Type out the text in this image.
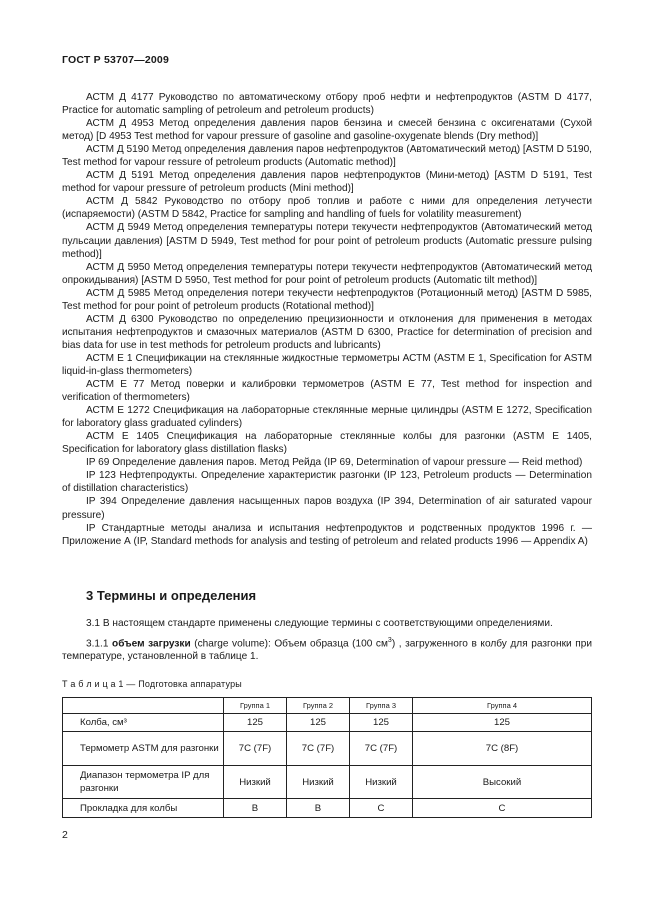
ГОСТ Р 53707—2009

АСТМ Д 4177 Руководство по автоматическому отбору проб нефти и нефтепродуктов (ASTM D 4177, Practice for automatic sampling of petroleum and petroleum products)

АСТМ Д 4953 Метод определения давления паров бензина и смесей бензина с оксигенатами (Сухой метод) [D 4953 Test method for vapour pressure of gasoline and gasoline-oxygenate blends (Dry method)]

АСТМ Д 5190 Метод определения давления паров нефтепродуктов (Автоматический метод) [ASTM D 5190, Test method for vapour ressure of petroleum products (Automatic method)]

АСТМ Д 5191 Метод определения давления паров нефтепродуктов (Мини-метод) [ASTM D 5191, Test method for vapour pressure of petroleum products (Mini method)]

АСТМ Д 5842 Руководство по отбору проб топлив и работе с ними для определения летучести (испаряемости) (ASTM D 5842, Practice for sampling and handling of fuels for volatility measurement)

АСТМ Д 5949 Метод определения температуры потери текучести нефтепродуктов (Автоматический метод пульсации давления) [ASTM D 5949, Test method for pour point of petroleum products (Automatic pressure pulsing method)]

АСТМ Д 5950 Метод определения температуры потери текучести нефтепродуктов (Автоматический метод опрокидывания) [ASTM D 5950, Test method for pour point of petroleum products (Automatic tilt method)]

АСТМ Д 5985 Метод определения потери текучести нефтепродуктов (Ротационный метод) [ASTM D 5985, Test method for pour point of petroleum products (Rotational method)]

АСТМ Д 6300 Руководство по определению прецизионности и отклонения для применения в методах испытания нефтепродуктов и смазочных материалов (ASTM D 6300, Practice for determination of precision and bias data for use in test methods for petroleum products and lubricants)

АСТМ Е 1 Спецификации на стеклянные жидкостные термометры АСТМ (ASTM E 1, Specification for ASTM liquid-in-glass thermometers)

АСТМ Е 77 Метод поверки и калибровки термометров (ASTM E 77, Test method for inspection and verification of thermometers)

АСТМ Е 1272 Спецификация на лабораторные стеклянные мерные цилиндры (ASTM E 1272, Specification for laboratory glass graduated cylinders)

АСТМ Е 1405 Спецификация на лабораторные стеклянные колбы для разгонки (ASTM E 1405, Specification for laboratory glass distillation flasks)

IP 69 Определение давления паров. Метод Рейда (IP 69, Determination of vapour pressure — Reid method)

IP 123 Нефтепродукты. Определение характеристик разгонки (IP 123, Petroleum products — Determination of distillation characteristics)

IP 394 Определение давления насыщенных паров воздуха (IP 394, Determination of air saturated vapour pressure)

IP Стандартные методы анализа и испытания нефтепродуктов и родственных продуктов 1996 г. — Приложение А (IP, Standard methods for analysis and testing of petroleum and related products 1996 — Appendix A)

3 Термины и определения

3.1 В настоящем стандарте применены следующие термины с соответствующими определениями.

3.1.1 объем загрузки (charge volume): Объем образца (100 $см^3$) , загруженного в колбу для разгонки при температуре, установленной в таблице 1.

Т а б л и ц а 1 — Подготовка аппаратуры
	Группа 1	Группа 2	Группа 3	Группа 4
Колба, см³	125	125	125	125
Термометр ASTM для разгонки	7C (7F)	7C (7F)	7C (7F)	7C (8F)
Диапазон термометра IP для разгонки	Низкий	Низкий	Низкий	Высокий
Прокладка для колбы	B	B	C	C
2
